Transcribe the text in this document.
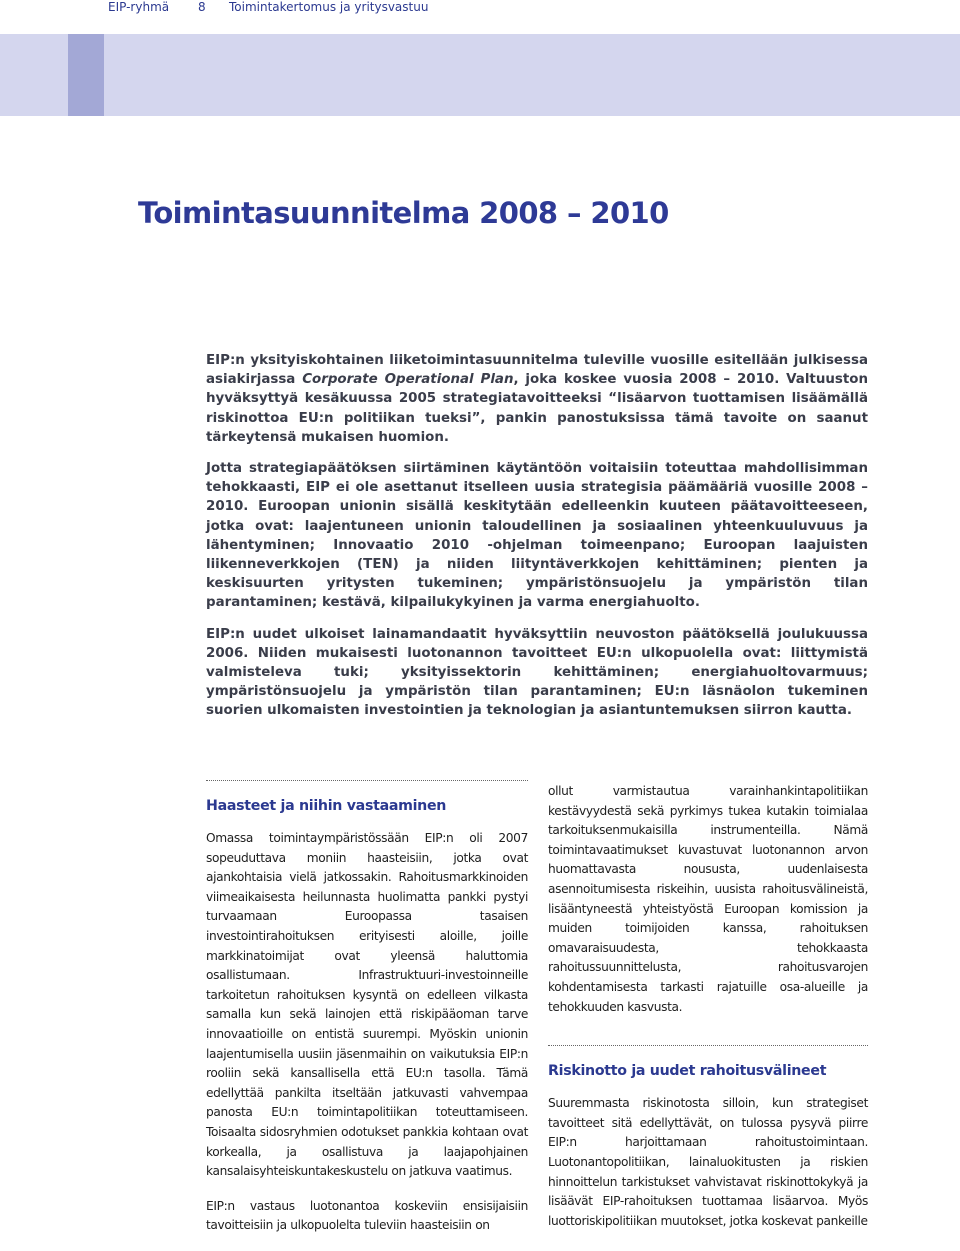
EIP-ryhmä 8 Toimintakertomus ja yritysvastuu
Toimintasuunnitelma 2008 – 2010

EIP:n yksityiskohtainen liiketoimintasuunnitelma tuleville vuosille esitellään julkisessa asiakirjassa Corporate Operational Plan, joka koskee vuosia 2008 – 2010. Valtuuston hyväksyttyä kesäkuussa 2005 strategiatavoitteeksi “lisäarvon tuottamisen lisäämällä riskinottoa EU:n politiikan tueksi”, pankin panostuksissa tämä tavoite on saanut tärkeytensä mukaisen huomion.

Jotta strategiapäätöksen siirtäminen käytäntöön voitaisiin toteuttaa mahdollisimman tehokkaasti, EIP ei ole asettanut itselleen uusia strategisia päämääriä vuosille 2008 – 2010. Euroopan unionin sisällä keskitytään edelleenkin kuuteen päätavoitteeseen, jotka ovat: laajentuneen unionin taloudellinen ja sosiaalinen yhteenkuuluvuus ja lähentyminen; Innovaatio 2010 -ohjelman toimeenpano; Euroopan laajuisten liikenneverkkojen (TEN) ja niiden liityntäverkkojen kehittäminen; pienten ja keskisuurten yritysten tukeminen; ympäristönsuojelu ja ympäristön tilan parantaminen; kestävä, kilpailukykyinen ja varma energiahuolto.

EIP:n uudet ulkoiset lainamandaatit hyväksyttiin neuvoston päätöksellä joulukuussa 2006. Niiden mukaisesti luotonannon tavoitteet EU:n ulkopuolella ovat: liittymistä valmisteleva tuki; yksityissektorin kehittäminen; energiahuoltovarmuus; ympäristönsuojelu ja ympäristön tilan parantaminen; EU:n läsnäolon tukeminen suorien ulkomaisten investointien ja teknologian ja asiantuntemuksen siirron kautta.

Haasteet ja niihin vastaaminen

Omassa toimintaympäristössään EIP:n oli 2007 sopeuduttava moniin haasteisiin, jotka ovat ajankohtaisia vielä jatkossakin. Rahoitusmarkkinoiden viimeaikaisesta heilunnasta huolimatta pankki pystyi turvaamaan Euroopassa tasaisen investointirahoituksen erityisesti aloille, joille markkinatoimijat ovat yleensä haluttomia osallistumaan. Infrastruktuuri-investoinneille tarkoitetun rahoituksen kysyntä on edelleen vilkasta samalla kun sekä lainojen että riskipääoman tarve innovaatioille on entistä suurempi. Myöskin unionin laajentumisella uusiin jäsenmaihin on vaikutuksia EIP:n rooliin sekä kansallisella että EU:n tasolla. Tämä edellyttää pankilta itseltään jatkuvasti vahvempaa panosta EU:n toimintapolitiikan toteuttamiseen. Toisaalta sidosryhmien odotukset pankkia kohtaan ovat korkealla, ja osallistuva ja laajapohjainen kansalaisyhteiskuntakeskustelu on jatkuva vaatimus.

EIP:n vastaus luotonantoa koskeviin ensisijaisiin tavoitteisiin ja ulkopuolelta tuleviin haasteisiin on

ollut varmistautua varainhankintapolitiikan kestävyydestä sekä pyrkimys tukea kutakin toimialaa tarkoituksenmukaisilla instrumenteilla. Nämä toimintavaatimukset kuvastuvat luotonannon arvon huomattavasta noususta, uudenlaisesta asennoitumisesta riskeihin, uusista rahoitusvälineistä, lisääntyneestä yhteistyöstä Euroopan komission ja muiden toimijoiden kanssa, rahoituksen omavaraisuudesta, tehokkaasta rahoitussuunnittelusta, rahoitusvarojen kohdentamisesta tarkasti rajatuille osa-alueille ja tehokkuuden kasvusta.

Riskinotto ja uudet rahoitusvälineet

Suuremmasta riskinotosta silloin, kun strategiset tavoitteet sitä edellyttävät, on tulossa pysyvä piirre EIP:n harjoittamaan rahoitustoimintaan. Luotonantopolitiikan, lainaluokitusten ja riskien hinnoittelun tarkistukset vahvistavat riskinottokykyä ja lisäävät EIP-rahoituksen tuottamaa lisäarvoa. Myös luottoriskipolitiikan muutokset, jotka koskevat pankeille
